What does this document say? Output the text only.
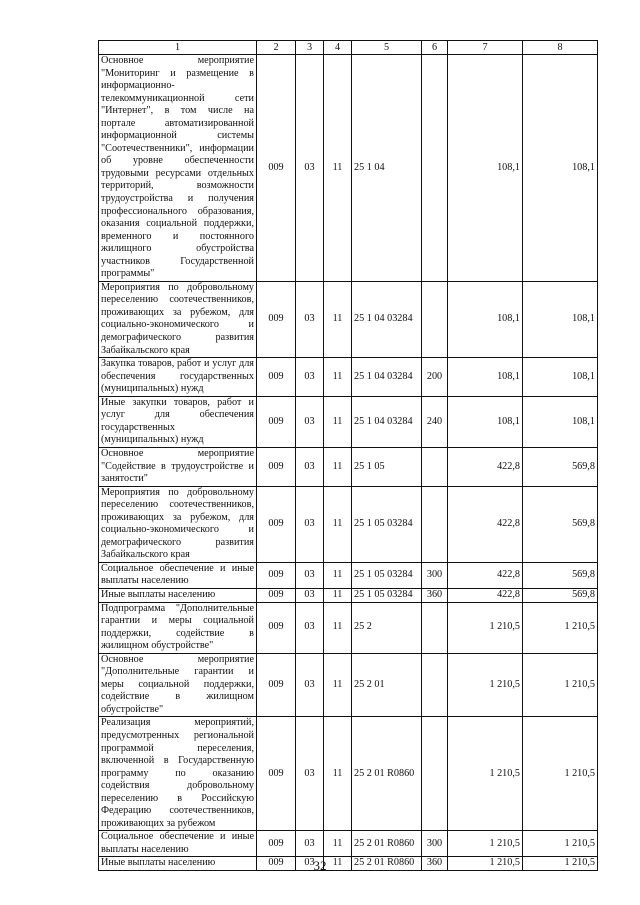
1	2	3	4	5	6	7	8
Основное мероприятие "Мониторинг и размещение в информационно-телекоммуникационной сети "Интернет", в том числе на портале автоматизированной информационной системы "Соотечественники", информации об уровне обеспеченности трудовыми ресурсами отдельных территорий, возможности трудоустройства и получения профессионального образования, оказания социальной поддержки, временного и постоянного жилищного обустройства участников Государственной программы"	009	03	11	25 1 04		108,1	108,1
Мероприятия по добровольному переселению соотечественников, проживающих за рубежом, для социально-экономического и демографического развития Забайкальского края	009	03	11	25 1 04 03284		108,1	108,1
Закупка товаров, работ и услуг для обеспечения государственных (муниципальных) нужд	009	03	11	25 1 04 03284	200	108,1	108,1
Иные закупки товаров, работ и услуг для обеспечения государственных (муниципальных) нужд	009	03	11	25 1 04 03284	240	108,1	108,1
Основное мероприятие "Содействие в трудоустройстве и занятости"	009	03	11	25 1 05		422,8	569,8
Мероприятия по добровольному переселению соотечественников, проживающих за рубежом, для социально-экономического и демографического развития Забайкальского края	009	03	11	25 1 05 03284		422,8	569,8
Социальное обеспечение и иные выплаты населению	009	03	11	25 1 05 03284	300	422,8	569,8
Иные выплаты населению	009	03	11	25 1 05 03284	360	422,8	569,8
Подпрограмма "Дополнительные гарантии и меры социальной поддержки, содействие в жилищном обустройстве"	009	03	11	25 2		1 210,5	1 210,5
Основное мероприятие "Дополнительные гарантии и меры социальной поддержки, содействие в жилищном обустройстве"	009	03	11	25 2 01		1 210,5	1 210,5
Реализация мероприятий, предусмотренных региональной программой переселения, включенной в Государственную программу по оказанию содействия добровольному переселению в Российскую Федерацию соотечественников, проживающих за рубежом	009	03	11	25 2 01 R0860		1 210,5	1 210,5
Социальное обеспечение и иные выплаты населению	009	03	11	25 2 01 R0860	300	1 210,5	1 210,5
Иные выплаты населению	009	03	11	25 2 01 R0860	360	1 210,5	1 210,5
32
